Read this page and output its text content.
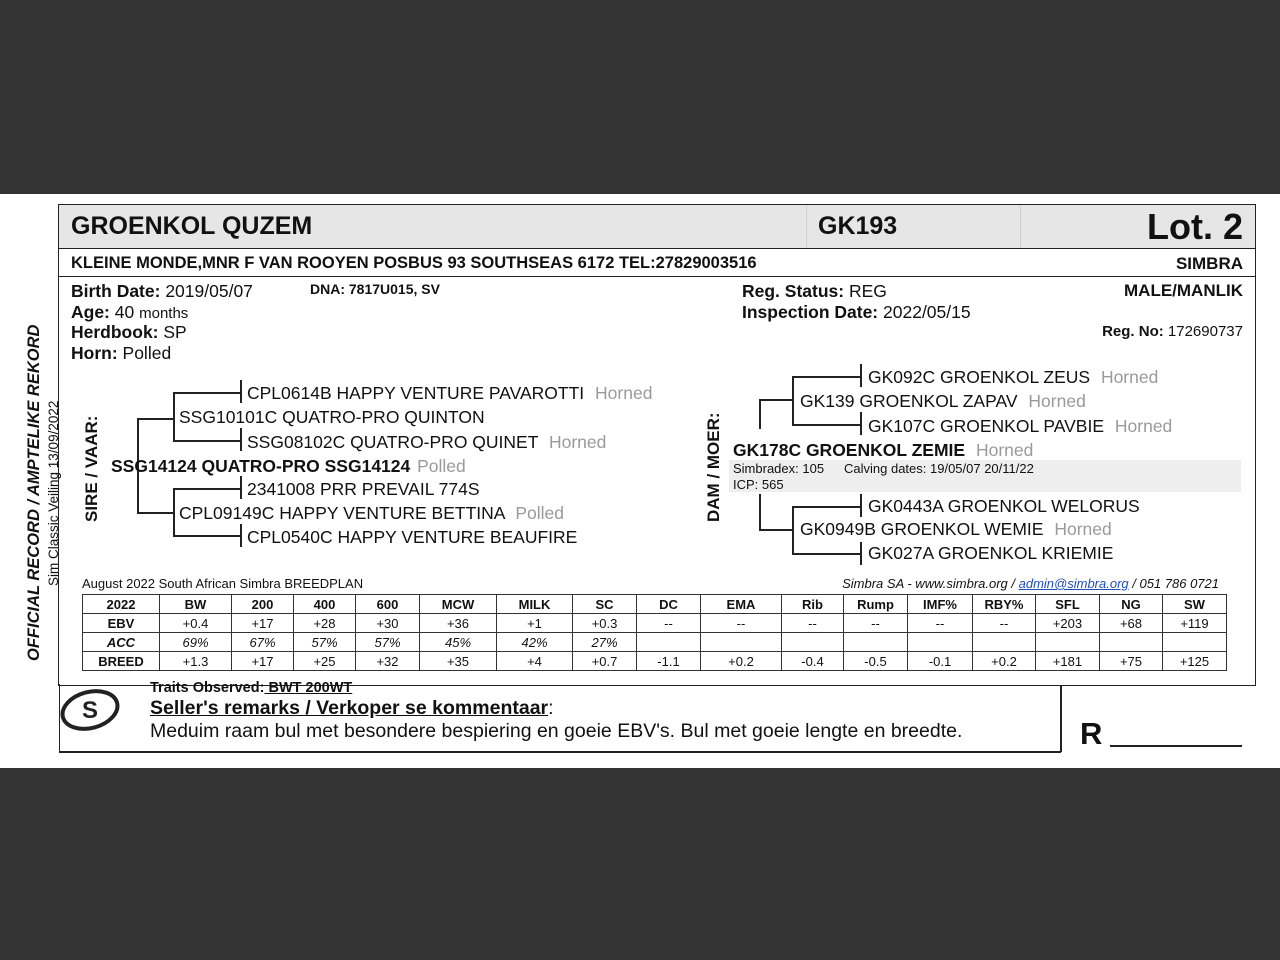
GROENKOL QUZEM	GK193	Lot. 2
KLEINE MONDE,MNR F VAN ROOYEN POSBUS 93 SOUTHSEAS 6172 TEL:27829003516	SIMBRA
Birth Date: 2019/05/07	DNA: 7817U015, SV
Age: 40 months
Herdbook: SP
Horn: Polled
Reg. Status: REG
Inspection Date: 2022/05/15
MALE/MANLIK
Reg. No: 172690737
OFFICIAL RECORD / AMPTELIKE REKORD Sim Classic Veiling 13/09/2022 SIRE / VAAR:	DAM / MOER:
CPL0614B HAPPY VENTURE PAVAROTTI Horned
SSG10101C QUATRO-PRO QUINTON
SSG08102C QUATRO-PRO QUINET Horned
SSG14124 QUATRO-PRO SSG14124 Polled
2341008 PRR PREVAIL 774S
CPL09149C HAPPY VENTURE BETTINA Polled
CPL0540C HAPPY VENTURE BEAUFIRE
GK092C GROENKOL ZEUS Horned
GK139 GROENKOL ZAPAV Horned
GK107C GROENKOL PAVBIE Horned
GK178C GROENKOL ZEMIE Horned
Simbradex: 105 Calving dates: 19/05/07 20/11/22
ICP: 565
GK0443A GROENKOL WELORUS
GK0949B GROENKOL WEMIE Horned
GK027A GROENKOL KRIEMIE
August 2022 South African Simbra BREEDPLAN	Simbra SA - www.simbra.org / admin@simbra.org / 051 786 0721
2022	BW	200	400	600	MCW	MILK	SC	DC	EMA	Rib	Rump	IMF%	RBY%	SFL	NG	SW
EBV	+0.4	+17	+28	+30	+36	+1	+0.3	--	--	--	--	--	--	+203	+68	+119
ACC	69%	67%	57%	57%	45%	42%	27%									
BREED	+1.3	+17	+25	+32	+35	+4	+0.7	-1.1	+0.2	-0.4	-0.5	-0.1	+0.2	+181	+75	+125
S
Traits Observed: BWT 200WT
Seller's remarks / Verkoper se kommentaar:
Meduim raam bul met besondere bespiering en goeie EBV's. Bul met goeie lengte en breedte.	R
